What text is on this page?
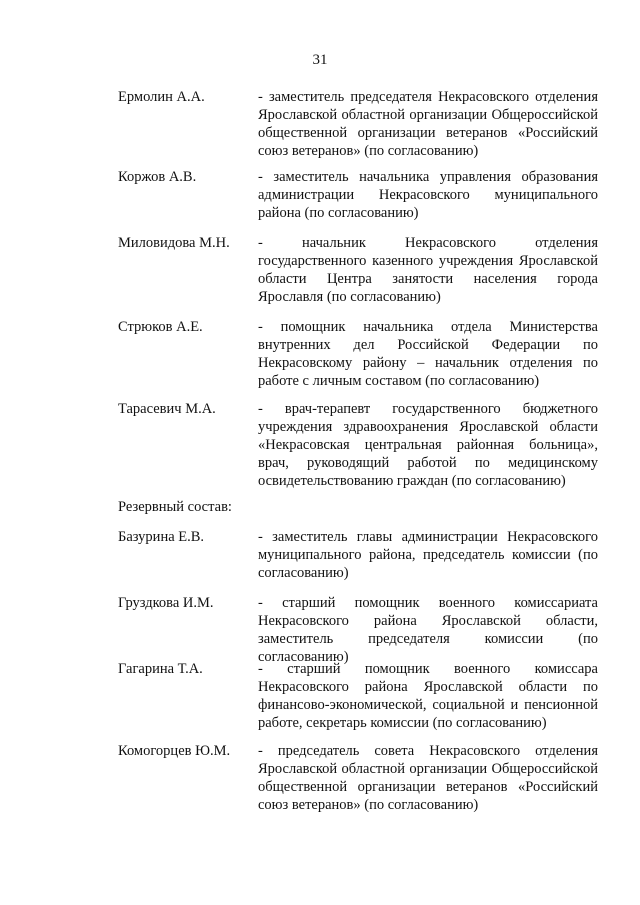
31
Ермолин А.А.	- заместитель председателя Некрасовского отделения Ярославской областной организации Общероссийской общественной организации ветеранов «Российский союз ветеранов» (по согласованию)
Коржов А.В.	- заместитель начальника управления образования администрации Некрасовского муниципального района (по согласованию)
Миловидова М.Н.	- начальник Некрасовского отделения государственного казенного учреждения Ярославской области Центра занятости населения города Ярославля (по согласованию)
Стрюков А.Е.	- помощник начальника отдела Министерства внутренних дел Российской Федерации по Некрасовскому району – начальник отделения по работе с личным составом (по согласованию)
Тарасевич М.А.	- врач-терапевт государственного бюджетного учреждения здравоохранения Ярославской области «Некрасовская центральная районная больница», врач, руководящий работой по медицинскому освидетельствованию граждан (по согласованию)
Резервный состав:
Базурина Е.В.	- заместитель главы администрации Некрасовского муниципального района, председатель комиссии (по согласованию)
Груздкова И.М.	- старший помощник военного комиссариата Некрасовского района Ярославской области, заместитель председателя комиссии (по согласованию)
Гагарина Т.А.	- старший помощник военного комиссара Некрасовского района Ярославской области по финансово-экономической, социальной и пенсионной работе, секретарь комиссии (по согласованию)
Комогорцев Ю.М.	- председатель совета Некрасовского отделения Ярославской областной организации Общероссийской общественной организации ветеранов «Российский союз ветеранов» (по согласованию)
